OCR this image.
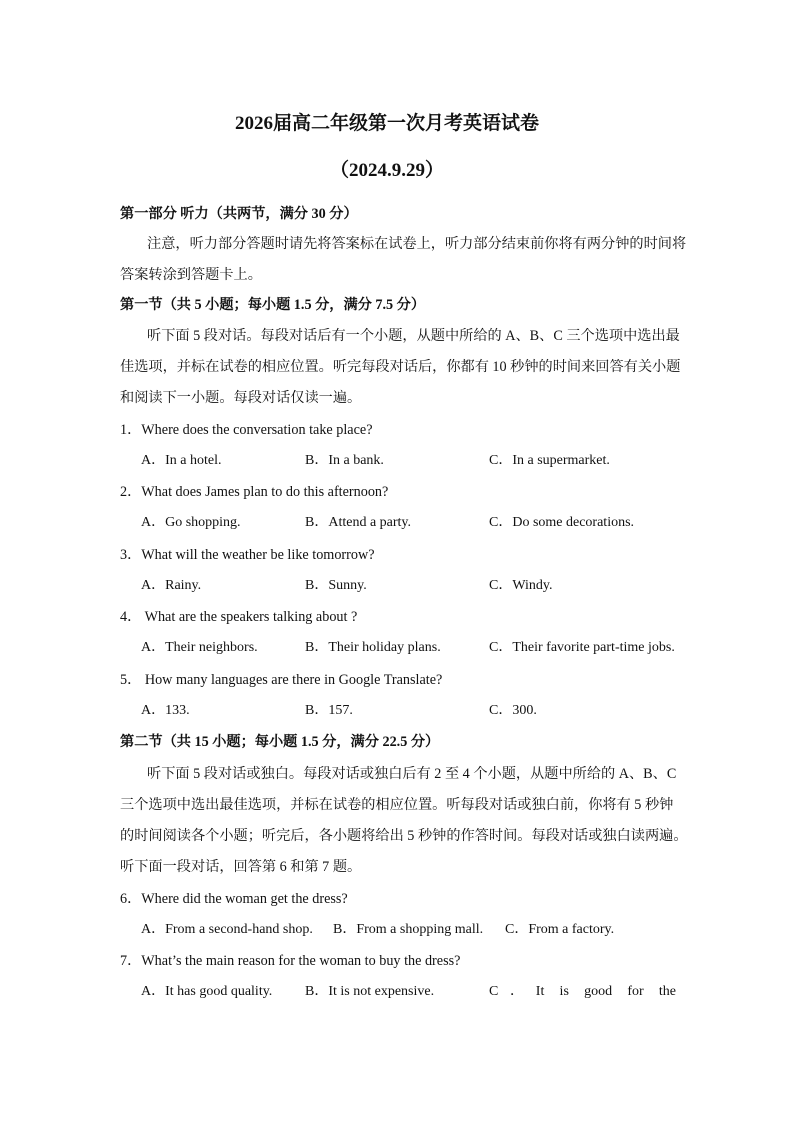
2026届高二年级第一次月考英语试卷
（2024.9.29）
第一部分 听力（共两节，满分 30 分）
注意，听力部分答题时请先将答案标在试卷上，听力部分结束前你将有两分钟的时间将
答案转涂到答题卡上。
第一节（共 5 小题；每小题 1.5 分，满分 7.5 分）
听下面 5 段对话。每段对话后有一个小题，从题中所给的 A、B、C 三个选项中选出最
佳选项，并标在试卷的相应位置。听完每段对话后，你都有 10 秒钟的时间来回答有关小题
和阅读下一小题。每段对话仅读一遍。
1．Where does the conversation take place?
A．In a hotel.	B．In a bank.	C．In a supermarket.
2．What does James plan to do this afternoon?
A．Go shopping.	B．Attend a party.	C．Do some decorations.
3．What will the weather be like tomorrow?
A．Rainy.	B．Sunny.	C．Windy.
4． What are the speakers talking about ?
A．Their neighbors.	B．Their holiday plans.	C．Their favorite part-time jobs.
5． How many languages are there in Google Translate?
A．133.	B．157.	C．300.
第二节（共 15 小题；每小题 1.5 分，满分 22.5 分）
听下面 5 段对话或独白。每段对话或独白后有 2 至 4 个小题，从题中所给的 A、B、C
三个选项中选出最佳选项，并标在试卷的相应位置。听每段对话或独白前，你将有 5 秒钟
的时间阅读各个小题；听完后，各小题将给出 5 秒钟的作答时间。每段对话或独白读两遍。
听下面一段对话，回答第 6 和第 7 题。
6．Where did the woman get the dress?
A．From a second-hand shop. B．From a shopping mall. C．From a factory.
7．What’s the main reason for the woman to buy the dress?
A．It has good quality. B．It is not expensive.	C．It is good for the
